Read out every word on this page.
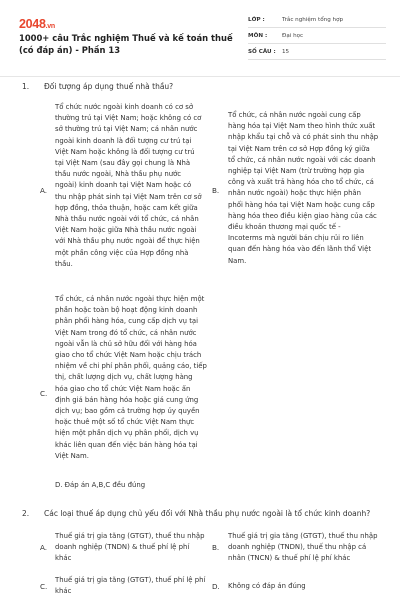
2048.vn
1000+ câu Trắc nghiệm Thuế và kế toán thuế (có đáp án) - Phần 13
LỚP :	Trắc nghiệm tổng hợp
MÔN :	Đại học
SỐ CÂU :	15
1. Đối tượng áp dụng thuế nhà thầu?
A.
Tổ chức nước ngoài kinh doanh có cơ sở
thường trú tại Việt Nam; hoặc không có cơ
sở thường trú tại Việt Nam; cá nhân nước
ngoài kinh doanh là đối tượng cư trú tại
Việt Nam hoặc không là đối tượng cư trú
tại Việt Nam (sau đây gọi chung là Nhà
thầu nước ngoài, Nhà thầu phụ nước
ngoài) kinh doanh tại Việt Nam hoặc có
thu nhập phát sinh tại Việt Nam trên cơ sở
hợp đồng, thỏa thuận, hoặc cam kết giữa
Nhà thầu nước ngoài với tổ chức, cá nhân
Việt Nam hoặc giữa Nhà thầu nước ngoài
với Nhà thầu phụ nước ngoài để thực hiện
một phần công việc của Hợp đồng nhà
thầu.
B.
Tổ chức, cá nhân nước ngoài cung cấp
hàng hóa tại Việt Nam theo hình thức xuất
nhập khẩu tại chỗ và có phát sinh thu nhập
tại Việt Nam trên cơ sở Hợp đồng ký giữa
tổ chức, cá nhân nước ngoài với các doanh
nghiệp tại Việt Nam (trừ trường hợp gia
công và xuất trả hàng hóa cho tổ chức, cá
nhân nước ngoài) hoặc thực hiện phân
phối hàng hóa tại Việt Nam hoặc cung cấp
hàng hóa theo điều kiện giao hàng của các
điều khoản thương mại quốc tế -
Incoterms mà người bán chịu rủi ro liên
quan đến hàng hóa vào đến lãnh thổ Việt
Nam.
C.
Tổ chức, cá nhân nước ngoài thực hiện một
phần hoặc toàn bộ hoạt động kinh doanh
phân phối hàng hóa, cung cấp dịch vụ tại
Việt Nam trong đó tổ chức, cá nhân nước
ngoài vẫn là chủ sở hữu đối với hàng hóa
giao cho tổ chức Việt Nam hoặc chịu trách
nhiệm về chi phí phân phối, quảng cáo, tiếp
thị, chất lượng dịch vụ, chất lượng hàng
hóa giao cho tổ chức Việt Nam hoặc ấn
định giá bán hàng hóa hoặc giá cung ứng
dịch vụ; bao gồm cả trường hợp ủy quyền
hoặc thuê một số tổ chức Việt Nam thực
hiện một phần dịch vụ phân phối, dịch vụ
khác liên quan đến việc bán hàng hóa tại
Việt Nam.
D. Đáp án A,B,C đều đúng
2. Các loại thuế áp dụng chủ yếu đối với Nhà thầu phụ nước ngoài là tổ chức kinh doanh?
A.
Thuế giá trị gia tăng (GTGT), thuế thu nhập
doanh nghiệp (TNDN) & thuế phí lệ phí
khác
B.
Thuế giá trị gia tăng (GTGT), thuế thu nhập
doanh nghiệp (TNDN), thuế thu nhập cá
nhân (TNCN) & thuế phí lệ phí khác
C.
Thuế giá trị gia tăng (GTGT), thuế phí lệ phí
khác
D. Không có đáp án đúng
